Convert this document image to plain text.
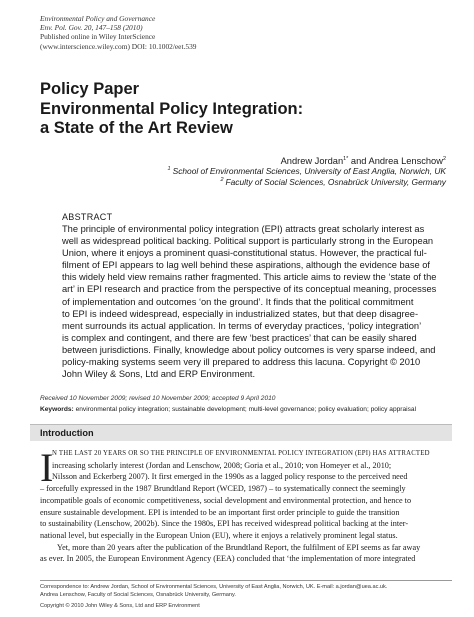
Environmental Policy and Governance
Env. Pol. Gov. 20, 147–158 (2010)
Published online in Wiley InterScience
(www.interscience.wiley.com) DOI: 10.1002/eet.539
Policy Paper
Environmental Policy Integration:
a State of the Art Review
Andrew Jordan$^{1*}$ and Andrea Lenschow$^2$
$^1$ School of Environmental Sciences, University of East Anglia, Norwich, UK
$^2$ Faculty of Social Sciences, Osnabrück University, Germany
ABSTRACT
The principle of environmental policy integration (EPI) attracts great scholarly interest as
well as widespread political backing. Political support is particularly strong in the European
Union, where it enjoys a prominent quasi-constitutional status. However, the practical ful-
filment of EPI appears to lag well behind these aspirations, although the evidence base of
this widely held view remains rather fragmented. This article aims to review the ‘state of the
art’ in EPI research and practice from the perspective of its conceptual meaning, processes
of implementation and outcomes ‘on the ground’. It finds that the political commitment
to EPI is indeed widespread, especially in industrialized states, but that deep disagree-
ment surrounds its actual application. In terms of everyday practices, ‘policy integration’
is complex and contingent, and there are few ‘best practices’ that can be easily shared
between jurisdictions. Finally, knowledge about policy outcomes is very sparse indeed, and
policy-making systems seem very ill prepared to address this lacuna. Copyright © 2010
John Wiley & Sons, Ltd and ERP Environment.
Received 10 November 2009; revised 10 November 2009; accepted 9 April 2010
Keywords: environmental policy integration; sustainable development; multi-level governance; policy evaluation; policy appraisal
Introduction
I
N THE LAST 20 YEARS OR SO THE PRINCIPLE OF ENVIRONMENTAL POLICY INTEGRATION (EPI) HAS ATTRACTED
increasing scholarly interest (Jordan and Lenschow, 2008; Goria et al., 2010; von Homeyer et al., 2010;
Nilsson and Eckerberg 2007). It first emerged in the 1990s as a lagged policy response to the perceived need
– forcefully expressed in the 1987 Brundtland Report (WCED, 1987) – to systematically connect the seemingly
incompatible goals of economic competitiveness, social development and environmental protection, and hence to
ensure sustainable development. EPI is intended to be an important first order principle to guide the transition
to sustainability (Lenschow, 2002b). Since the 1980s, EPI has received widespread political backing at the inter-
national level, but especially in the European Union (EU), where it enjoys a relatively prominent legal status.
Yet, more than 20 years after the publication of the Brundtland Report, the fulfilment of EPI seems as far away
as ever. In 2005, the European Environment Agency (EEA) concluded that ‘the implementation of more integrated
Correspondence to: Andrew Jordan, School of Environmental Sciences, University of East Anglia, Norwich, UK. E-mail: a.jordan@uea.ac.uk.
Andrea Lenschow, Faculty of Social Sciences, Osnabrück University, Germany.
Copyright © 2010 John Wiley & Sons, Ltd and ERP Environment
